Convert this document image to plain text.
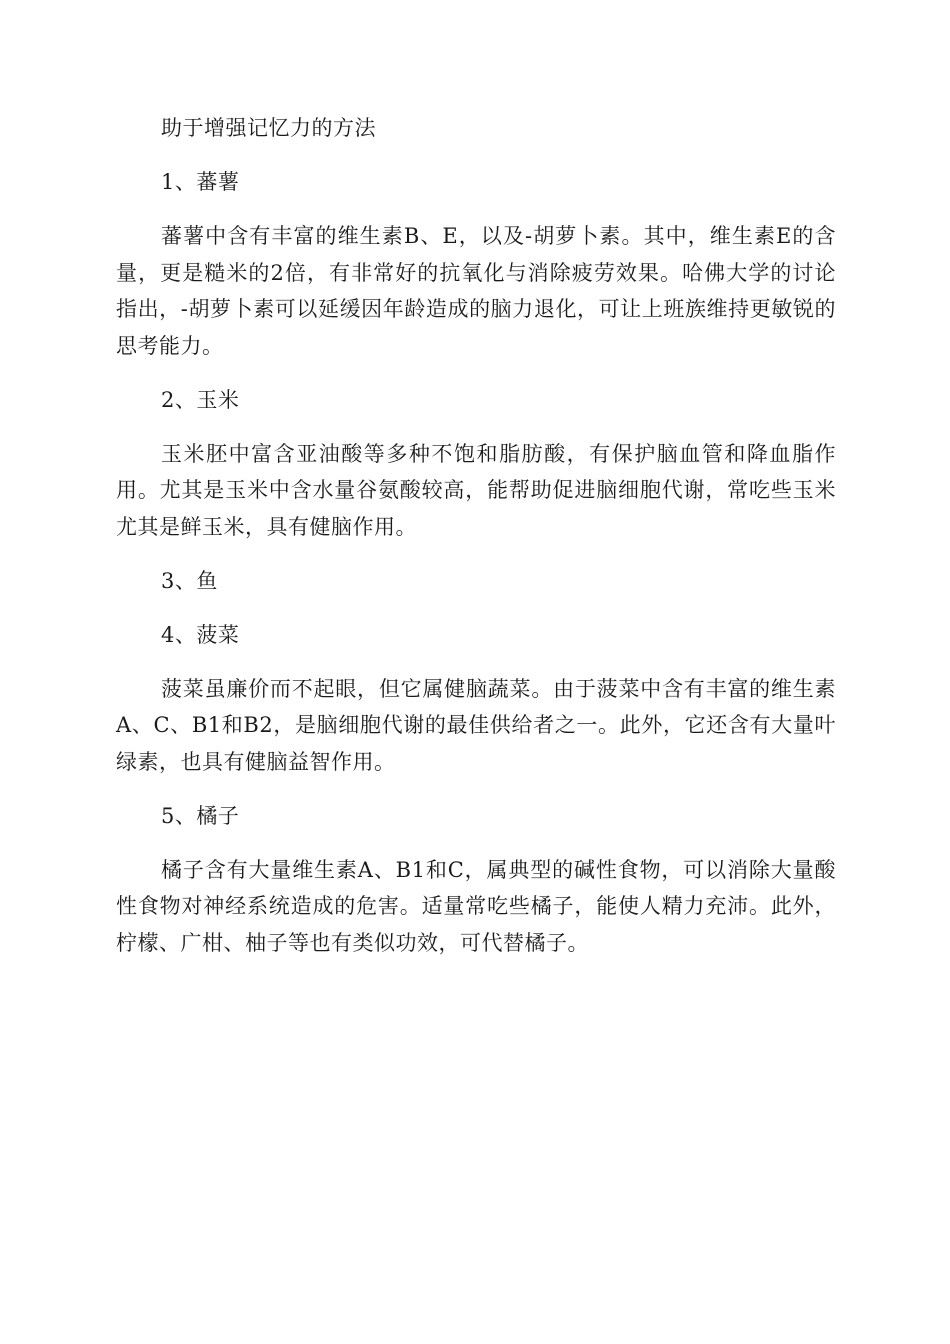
助于增强记忆力的方法

1、蕃薯

蕃薯中含有丰富的维生素B、E，以及-胡萝卜素。其中，维生素E的含量，更是糙米的2倍，有非常好的抗氧化与消除疲劳效果。哈佛大学的讨论指出，-胡萝卜素可以延缓因年龄造成的脑力退化，可让上班族维持更敏锐的思考能力。

2、玉米

玉米胚中富含亚油酸等多种不饱和脂肪酸，有保护脑血管和降血脂作用。尤其是玉米中含水量谷氨酸较高，能帮助促进脑细胞代谢，常吃些玉米尤其是鲜玉米，具有健脑作用。

3、鱼

4、菠菜

菠菜虽廉价而不起眼，但它属健脑蔬菜。由于菠菜中含有丰富的维生素A、C、B1和B2，是脑细胞代谢的最佳供给者之一。此外，它还含有大量叶绿素，也具有健脑益智作用。

5、橘子

橘子含有大量维生素A、B1和C，属典型的碱性食物，可以消除大量酸性食物对神经系统造成的危害。适量常吃些橘子，能使人精力充沛。此外，柠檬、广柑、柚子等也有类似功效，可代替橘子。
